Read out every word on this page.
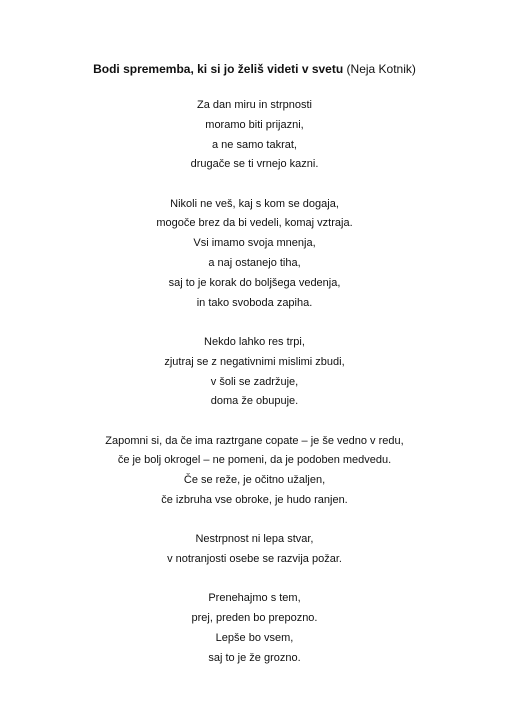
Bodi sprememba, ki si jo želiš videti v svetu (Neja Kotnik)
Za dan miru in strpnosti
moramo biti prijazni,
a ne samo takrat,
drugače se ti vrnejo kazni.
Nikoli ne veš, kaj s kom se dogaja,
mogoče brez da bi vedeli, komaj vztraja.
Vsi imamo svoja mnenja,
a naj ostanejo tiha,
saj to je korak do boljšega vedenja,
in tako svoboda zapiha.
Nekdo lahko res trpi,
zjutraj se z negativnimi mislimi zbudi,
v šoli se zadržuje,
doma že obupuje.
Zapomni si, da če ima raztrgane copate – je še vedno v redu,
če je bolj okrogel – ne pomeni, da je podoben medvedu.
Če se reže, je očitno užaljen,
če izbruha vse obroke, je hudo ranjen.
Nestrpnost ni lepa stvar,
v notranjosti osebe se razvija požar.
Prenehajmo s tem,
prej, preden bo prepozno.
Lepše bo vsem,
saj to je že grozno.
